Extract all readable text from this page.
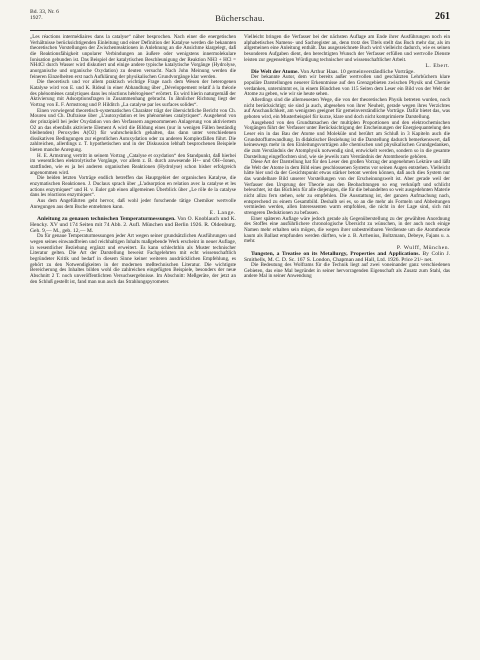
Bd. 33, Nr. 6
1927.	Bücherschau.	261

„Les réactions intermédiaires dans la catalyse“ näher besprochen. Nach einer die energetischen Verhältnisse berücksichtigenden Einleitung und einer Definition der Katalyse werden die bekannten theoretischen Vorstellungen der Zwischenreaktionen in Anlehnung an die Ansichme klargelegt, daß die Reaktionsfähigkeit unpolarer Verbindungen an äußere oder wenigstens innermolekulare Ionisation gebunden ist. Das Beispiel der katalytischen Beschleunigung der Reaktion NH3 + HCl = NH4Cl durch Wasser wird diskutiert und einige andere typische katalytische Vorgänge (Hydrolyse, anorganische und organische Oxydation) zu deuten versucht. Nach John Meinung werden die feineren Einzelheiten erst nach Aufklärung der physikalischen Grundvorgänge klar werden.

Die theoretisch und vor allem praktisch wichtige Frage nach dem Wesen der heterogenen Katalyse wird von E. und K. Rideal in einer Abhandlung über „Développement relatif à la théorie des phénomènes catalytiques dans les réactions hétérogènes“ erörtert. Es wird hierin naturgemäß der Aktivierung mit Adsorptionsfragen in Zusammenhang gebracht. In ähnlicher Richtung liegt der Vortrag von E. F. Armstrong und P. Hilditch „La catalyse par les surfaces solides“.

Einen vorwiegend theoretisch-systematischen Charakter trägt der übersichtliche Bericht von Ch. Moureu und Ch. Dufraisse über „L'autoxydation et les phénomènes catalytiques“. Ausgehend von der prinzipiell bei jeder Oxydation von den Verfassern angenommenen Anlagerung von aktiviertem O2 an das ebenfalls aktivierte Element A wird die Bildung eines (nur in wenigen Fällen beständig bleibenden) Peroxydes A(O2) für wahrscheinlich gehalten, das dann unter verschiedenen dissikativen Bedingungen zur eigentlichen Autoxydation oder zu anderen Komplexfällen führt. Die zahlreichen, allerdings z. T. hypothetischen und in der Diskussion lebhaft besprochenen Beispiele bieten manche Anregung.

H. E. Armstrong vertritt in seinem Vortrag „Catalyse et oxydation“ den Standpunkt, daß hierbei im wesentlichen elektrolytische Vorgänge, vor allem z. B. durch anwesende H+- und OH--Ionen, stattfinden, wie es ja bei anderen organischen Reaktionen (Hydrolyse) schon bisher erfolgreich angenommen wird.

Die beiden letzten Vorträge endlich betreffen das Hauptgebiet der organischen Katalyse, die enzymatischen Reaktionen. J. Duclaux sprach über „L'adsorption en relation avec la catalyse et les actions enzymiques“ und H. v. Euler gab einen allgemeinen Überblick über „Le rôle de la catalyse dans les réactions enzymiques“.

Aus dem Angeführten geht hervor, daß wohl jeder forschende tätige Chemiker wertvolle Anregungen aus dem Buche entnehmen kann.

E. Lange.

Anleitung zu genauen technischen Temperaturmessungen. Von O. Knoblauch und K. Hencky. XV und 174 Seiten mit 74 Abb. 2. Aufl. München und Berlin 1926. R. Oldenburg. Geh. 9,— M., geb. 12,— M.

Da für genaue Temperaturmessungen jeder Art wegen seiner grundsätzlichen Ausführungen und wegen seines einwandfreien und reichhaltigen Inhalts maßgebende Werk erscheint in neuer Auflage, in wesentlicher Beziehung ergänzt und erweitert. Es kann schlechthin als Muster technischer Literatur gelten. Die Art der Darstellung beweist Fachgelehrten mit echt wissenschaftlich begründeter Kritik und bedarf in diesem Sinne keiner weiteren ausdrücklichen Empfehlung, es gehört zu den Notwendigkeiten in der modernen meßtechnischen Literatur. Die wichtigste Bereicherung des Inhaltes bilden wohl die zahlreichen eingefügten Beispiele, besonders der neue Abschnitt 2 T. noch unveröffentlichten Versuchsergebnisse. Im Abschnitt: Meßgeräte, der jetzt an den Schluß gestellt ist, fand man nun auch das Strahlungspyrometer.

Vielleicht bringen die Verfasser bei der nächsten Auflage am Ende ihrer Ausführungen noch ein alphabetisches Namens- und Sachregister an, denn trotz des Titels stellt das Buch mehr dar, als im allgemeinen eine Anleitung enthält. Das ausgezeichnete Buch wird vielleicht dadurch, wie es seinen besonderen Aufgaben dient, den berechtigten Wunsch der Verfasser erfüllen und wertvolle Dienste leisten zur gegenseitigen Würdigung technischer und wissenschaftlicher Arbeit.

L. Ebert.

Die Welt der Atome. Von Arthur Haas. 10 gemeinverständliche Vorträge.

Der bekannte Autor, dem wir bereits außer wertvollen und geschätzten Lehrbüchern klare populäre Darstellungen neuerer Erkenntnisse auf den Grenzgebieten zwischen Physik und Chemie verdanken, unternimmt es, in einem Bündchen von 115 Seiten dem Leser ein Bild von der Welt der Atome zu geben, wie wir sie heute sehen.

Allerdings sind die allerneuesten Wege, die von der theoretischen Physik betreten wurden, noch nicht berücksichtigt; sie sind ja auch, abgesehen von ihrer Neuheit, gerade wegen ihres Verzichtes auf Anschaulichkeit, am wenigsten geeignet für gemeinverständliche Vorträge. Dafür bietet das, was geboten wird, ein Musterbeispiel für kurze, klare und doch nicht komprimierte Darstellung.

Ausgehend von den Grundtatsachen der multiplen Proportionen und den elektrochemischen Vorgängen führt der Verfasser unter Berücksichtigung der Erscheinungen der Energiequantelung den Leser ein in das Bau der Atome und Moleküle und berührt am Schluß in 3 Kapiteln auch die Grundstoffumwandlung. In didaktischer Beziehung ist die Darstellung dadurch bemerkenswert, daß keineswegs mehr in den Einleitungsvorträgen alle chemischen und physikalischen Grundgedanken, die zum Verständnis der Atomphysik notwendig sind, entwickelt werden, sondern so in die gesamte Darstellung eingeflochten sind, wie sie jeweils zum Verständnis der Atomtheorie gehören.

Diese Art der Darstellung hat für den Leser den großen Vorzug der angenehmen Lektüre und läßt die Welt der Atome in dem Bild eines geschlossenen Systems vor seinen Augen entstehen. Vielleicht hätte hier und da der Gesichtspunkt etwas stärker betont werden können, daß auch dies System nur das wandelbare Bild unserer Vorstellungen von der Erscheinungswelt ist. Aber gerade weil der Verfasser den Ursprung der Theorie aus den Beobachtungen so eng verknüpft und schlicht beleuchtet, ist das Büchlein für alle diejenigen, die für die behandelten so weit ausgedehnten Materie nicht allzu fern stehen, sehr zu empfehlen. Die Ausstattung ist, der ganzen Aufmachung nach, entsprechend zu einem Gesamtbild. Deshalb sei es, so an die mehr als Formeln und Abbeitungen vermieden werden, allen Interessenten warm empfohlen, die nicht in der Lage sind, sich mit strengeren Deduktionen zu befassen.

Einer späteren Auflage wäre jedoch gerade als Gegenüberstellung zu der gewählten Anordnung des Stoffes eine ausführlichere chronologische Übersicht zu wünschen, in der auch noch einige Namen mehr erhalten sein mögen, die wegen ihrer unbestreitbaren Verdienste um die Atomtheorie kaum als Ballast empfunden werden dürften, wie z. B. Arrhenius, Boltzmann, Debeye, Fajans u. a. mehr.

P. Wulff, München.

Tungsten, a Treatise on its Metallurgy, Properties and Applications. By Colin J. Smithells, M. C. D. Sc. 167 S. London, Chapman and Hall, Ltd. 1926. Price 21/- net.

Die Bedeutung des Wolframs für die Technik liegt auf zwei voneinander ganz verschiedenen Gebieten, das eine Mal begründet in seiner hervorragenden Eigenschaft als Zusatz zum Stahl, das andere Mal in seiner Anwendung
